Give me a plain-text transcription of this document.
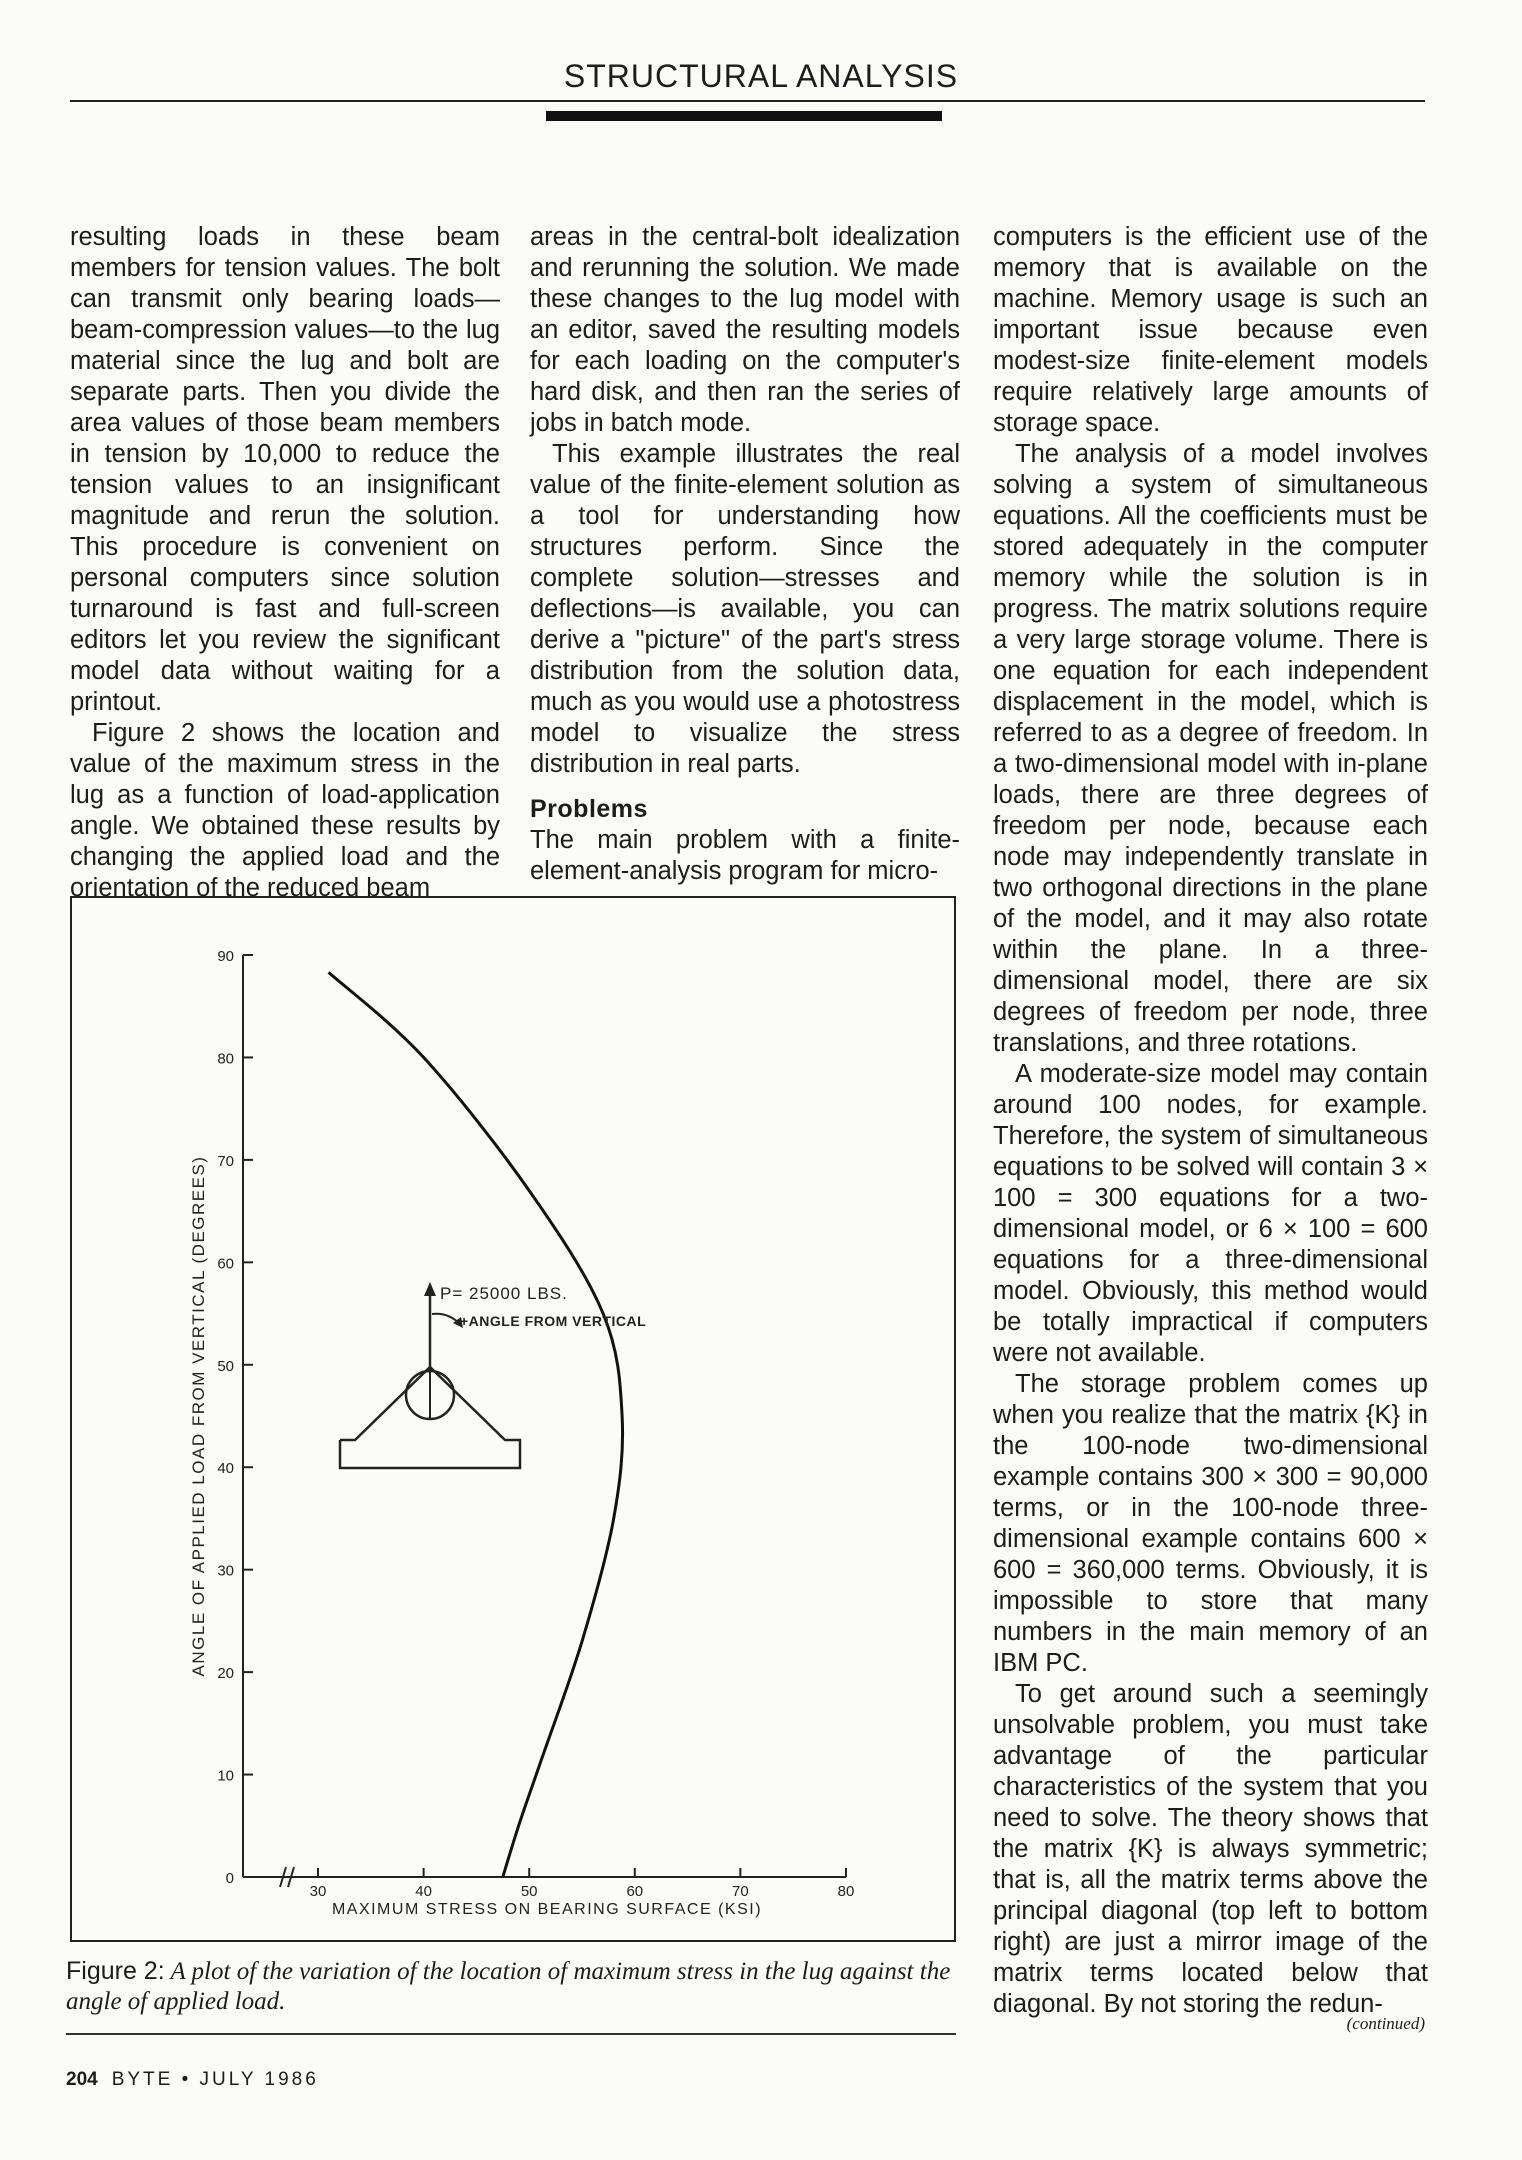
STRUCTURAL ANALYSIS

resulting loads in these beam members for tension values. The bolt can transmit only bearing loads—beam-compression values—to the lug material since the lug and bolt are separate parts. Then you divide the area values of those beam members in tension by 10,000 to reduce the tension values to an insignificant magnitude and rerun the solution. This procedure is convenient on personal computers since solution turnaround is fast and full-screen editors let you review the significant model data without waiting for a printout.

Figure 2 shows the location and value of the maximum stress in the lug as a function of load-application angle. We obtained these results by changing the applied load and the orientation of the reduced beam

areas in the central-bolt idealization and rerunning the solution. We made these changes to the lug model with an editor, saved the resulting models for each loading on the computer's hard disk, and then ran the series of jobs in batch mode.

This example illustrates the real value of the finite-element solution as a tool for understanding how structures perform. Since the complete solution—stresses and deflections—is available, you can derive a "picture" of the part's stress distribution from the solution data, much as you would use a photostress model to visualize the stress distribution in real parts.

Problems

The main problem with a finite-element-analysis program for micro-

computers is the efficient use of the memory that is available on the machine. Memory usage is such an important issue because even modest-size finite-element models require relatively large amounts of storage space.

The analysis of a model involves solving a system of simultaneous equations. All the coefficients must be stored adequately in the computer memory while the solution is in progress. The matrix solutions require a very large storage volume. There is one equation for each independent displacement in the model, which is referred to as a degree of freedom. In a two-dimensional model with in-plane loads, there are three degrees of freedom per node, because each node may independently translate in two orthogonal directions in the plane of the model, and it may also rotate within the plane. In a three-dimensional model, there are six degrees of freedom per node, three translations, and three rotations.

A moderate-size model may contain around 100 nodes, for example. Therefore, the system of simultaneous equations to be solved will contain 3 × 100 = 300 equations for a two-dimensional model, or 6 × 100 = 600 equations for a three-dimensional model. Obviously, this method would be totally impractical if computers were not available.

The storage problem comes up when you realize that the matrix {K} in the 100-node two-dimensional example contains 300 × 300 = 90,000 terms, or in the 100-node three-dimensional example contains 600 × 600 = 360,000 terms. Obviously, it is impossible to store that many numbers in the main memory of an IBM PC.

To get around such a seemingly unsolvable problem, you must take advantage of the particular characteristics of the system that you need to solve. The theory shows that the matrix {K} is always symmetric; that is, all the matrix terms above the principal diagonal (top left to bottom right) are just a mirror image of the matrix terms located below that diagonal. By not storing the redun-

(continued)
0
10
20
30
40
50
60
70
80
90
30	40	50	60	70	80
ANGLE OF APPLIED LOAD FROM VERTICAL (DEGREES)
MAXIMUM STRESS ON BEARING SURFACE (KSI)
P= 25000 LBS.
+ANGLE FROM VERTICAL
Figure 2: A plot of the variation of the location of maximum stress in the lug against the angle of applied load.
204 BYTE • JULY 1986
